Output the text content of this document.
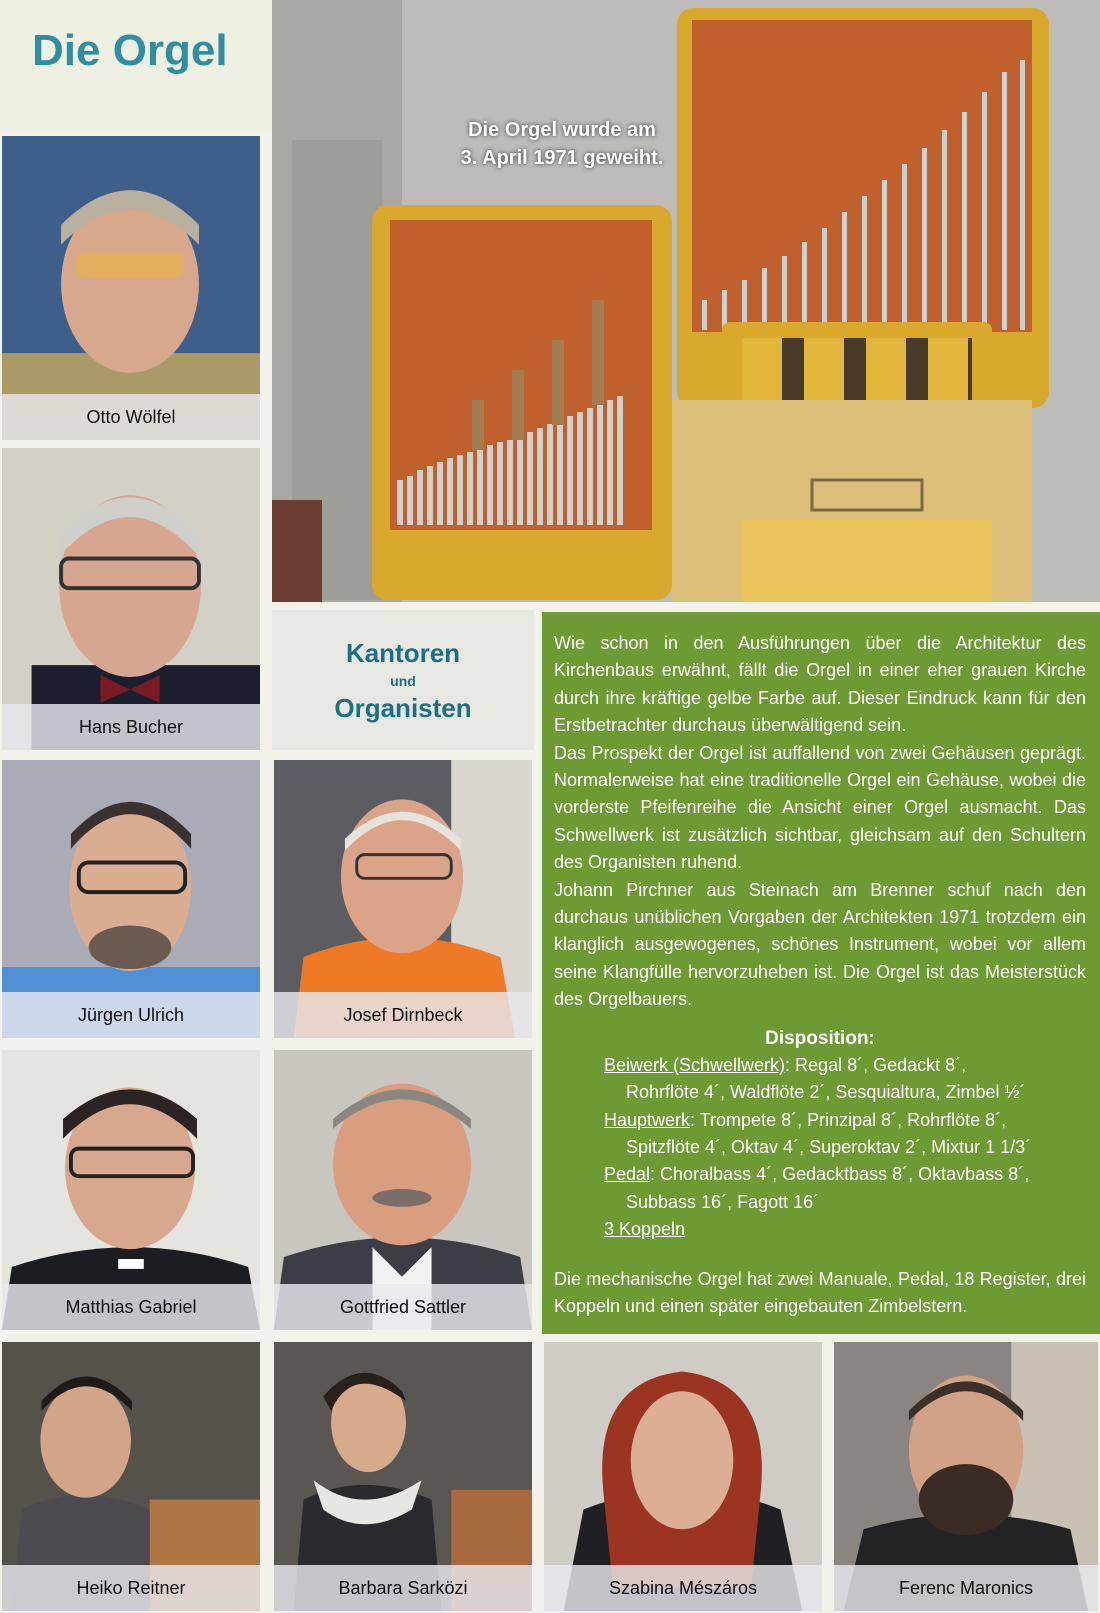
Die Orgel
Die Orgel wurde am
3. April 1971 geweiht.
Kantoren
und
Organisten
Otto Wölfel
Hans Bucher
Jürgen Ulrich	Josef Dirnbeck
Matthias Gabriel	Gottfried Sattler
Heiko Reitner	Barbara Sarközi	Szabina Mészáros	Ferenc Maronics

Wie schon in den Ausführungen über die Architektur des Kirchenbaus erwähnt, fällt die Orgel in einer eher grauen Kirche durch ihre kräftige gelbe Farbe auf. Dieser Eindruck kann für den Erstbetrachter durchaus überwältigend sein.

Das Prospekt der Orgel ist auffallend von zwei Gehäusen geprägt. Normalerweise hat eine traditionelle Orgel ein Gehäuse, wobei die vorderste Pfeifenreihe die Ansicht einer Orgel ausmacht. Das Schwellwerk ist zusätzlich sichtbar, gleichsam auf den Schultern des Organisten ruhend.

Johann Pirchner aus Steinach am Brenner schuf nach den durchaus unüblichen Vorgaben der Architekten 1971 trotzdem ein klanglich ausgewogenes, schönes Instrument, wobei vor allem seine Klangfülle hervorzuheben ist. Die Orgel ist das Meisterstück des Orgelbauers.

Disposition:
Beiwerk (Schwellwerk): Regal 8´, Gedackt 8´,
Rohrflöte 4´, Waldflöte 2´, Sesquialtura, Zimbel ½´
Hauptwerk: Trompete 8´, Prinzipal 8´, Rohrflöte 8´,
Spitzflöte 4´, Oktav 4´, Superoktav 2´, Mixtur 1 1/3´
Pedal: Choralbass 4´, Gedacktbass 8´, Oktavbass 8´,
Subbass 16´, Fagott 16´
3 Koppeln

Die mechanische Orgel hat zwei Manuale, Pedal, 18 Register, drei Koppeln und einen später eingebauten Zimbelstern.
